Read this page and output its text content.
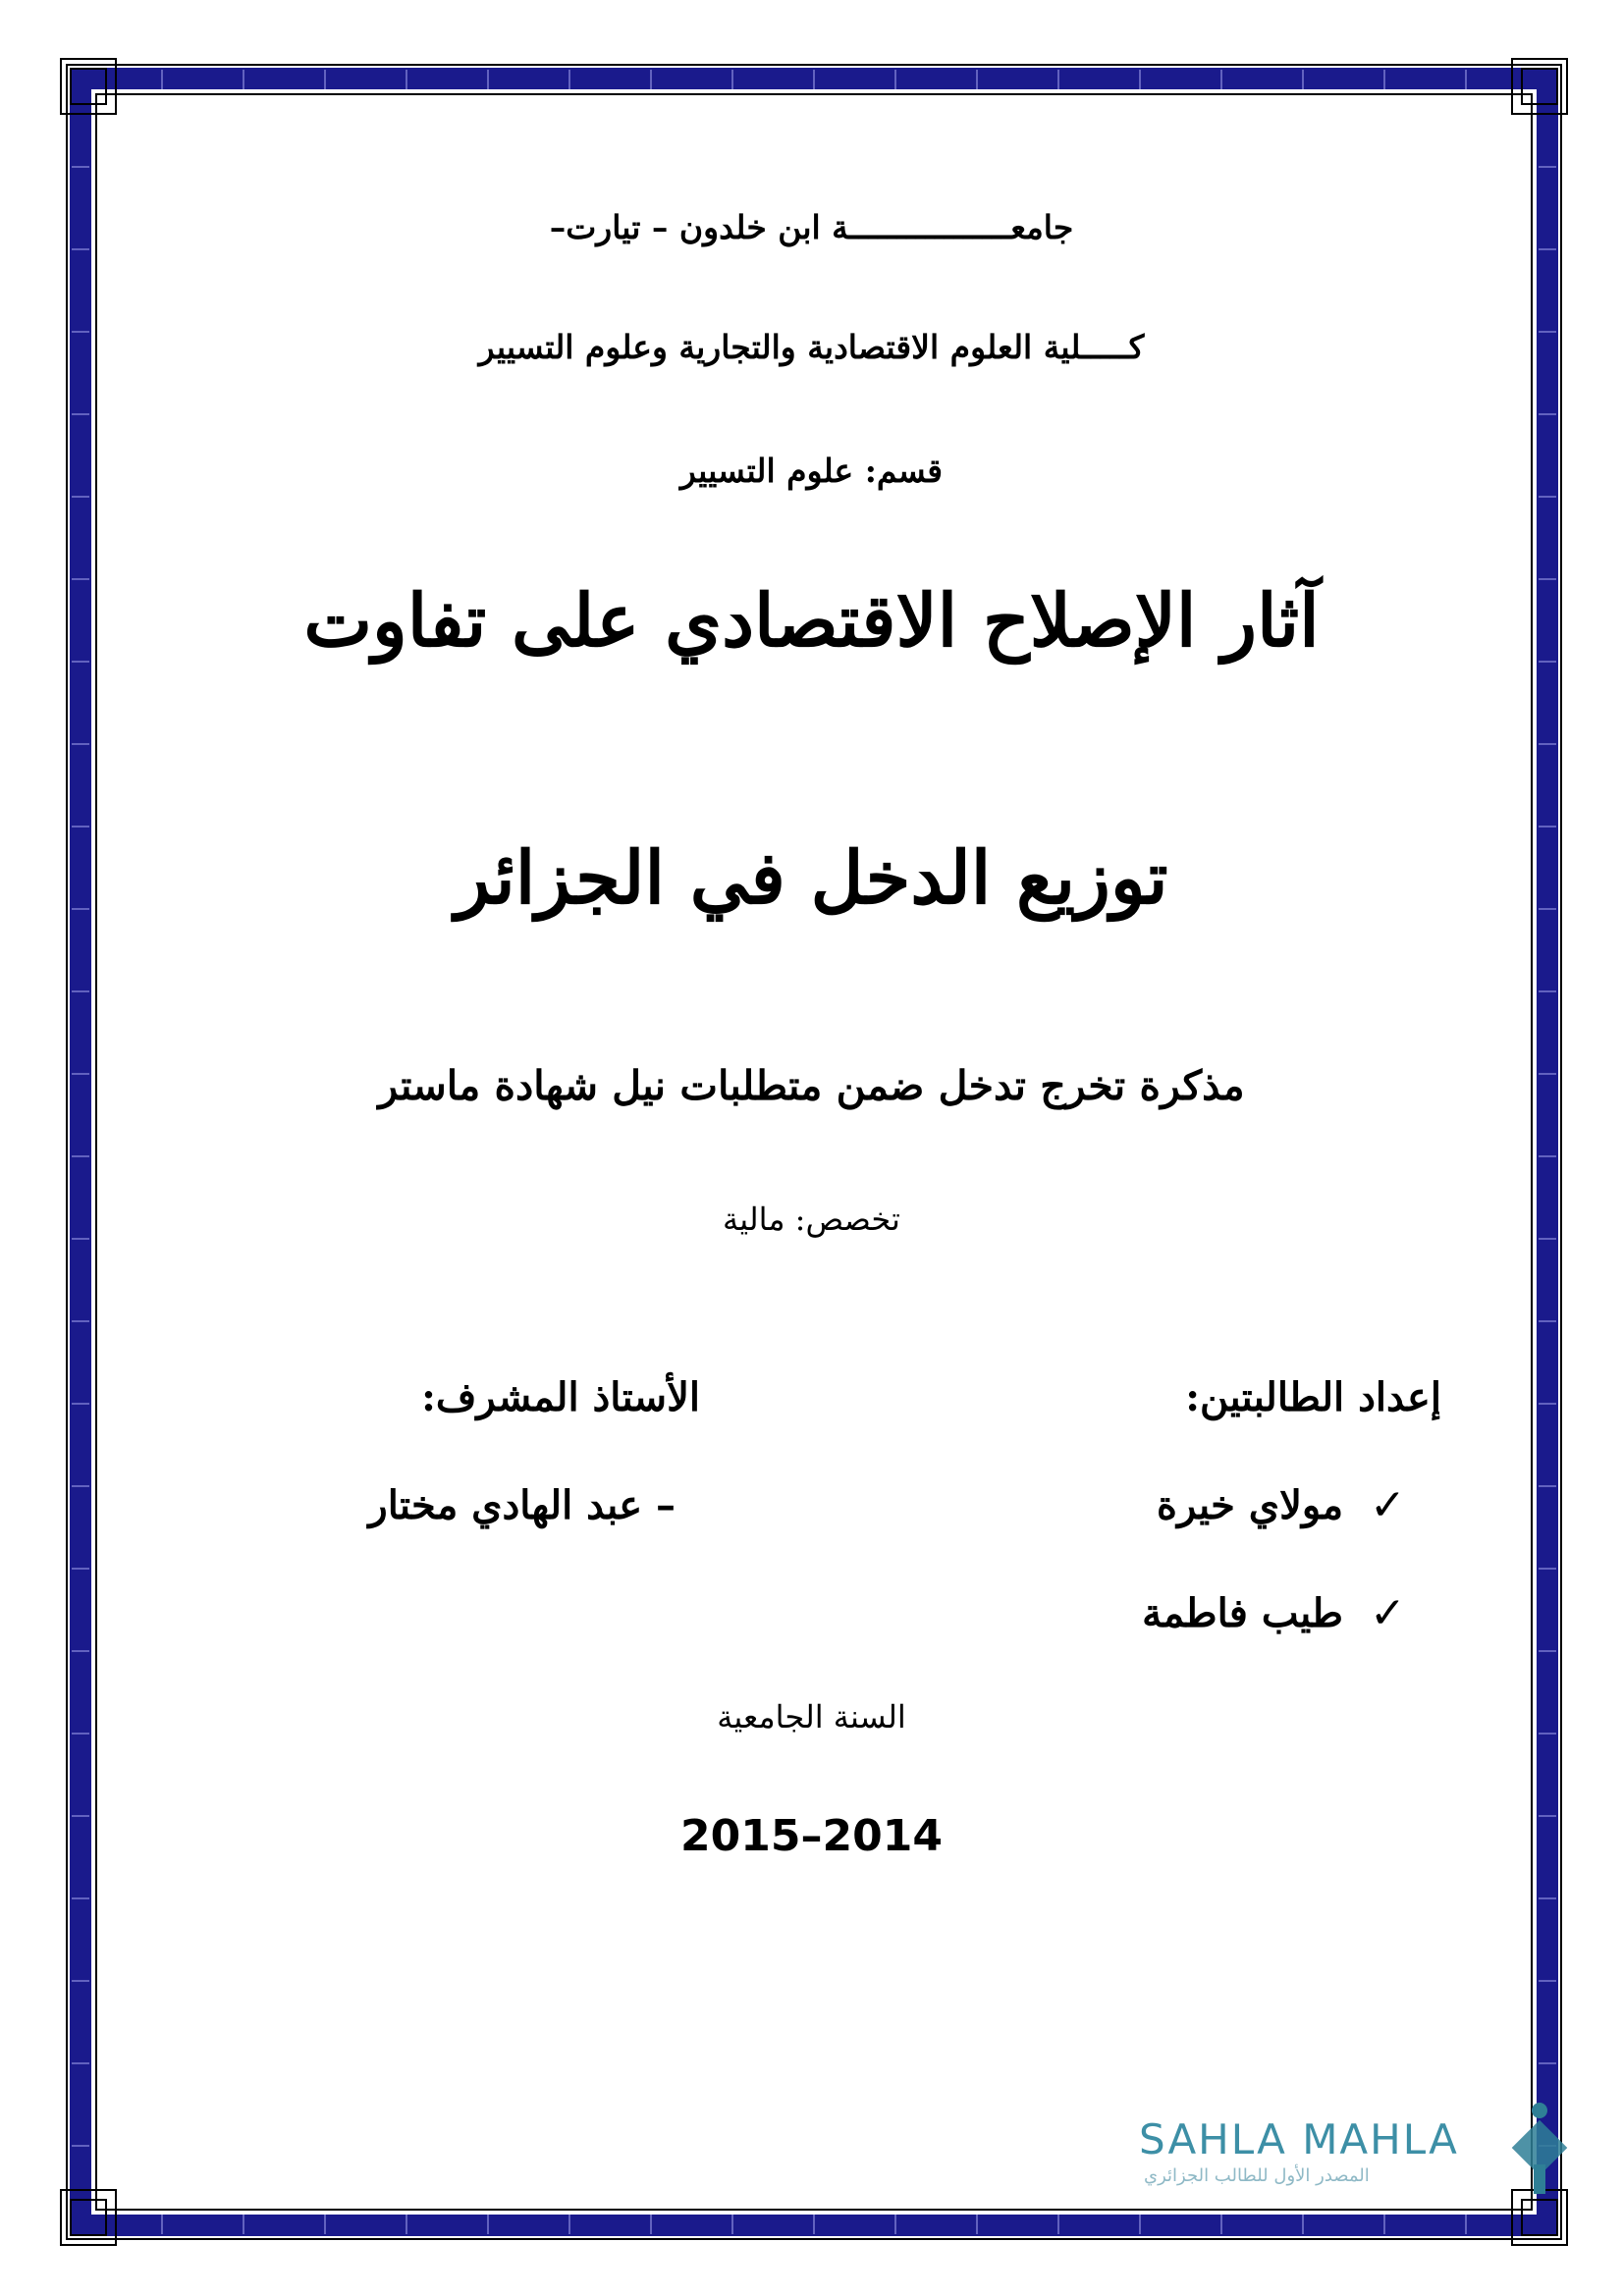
جامعـــــــــــــــــة ابن خلدون – تيارت–
كـــــلية العلوم الاقتصادية والتجارية وعلوم التسيير
قسم: علوم التسيير
آثار الإصلاح الاقتصادي على تفاوت
توزيع الدخل في الجزائر
مذكرة تخرج تدخل ضمن متطلبات نيل شهادة ماستر
تخصص: مالية
إعداد الطالبتين:
الأستاذ المشرف:
✓
مولاي خيرة
– عبد الهادي مختار
✓
طيب فاطمة
السنة الجامعية
2015–2014
SAHLA MAHLA
المصدر الأول للطالب الجزائري
